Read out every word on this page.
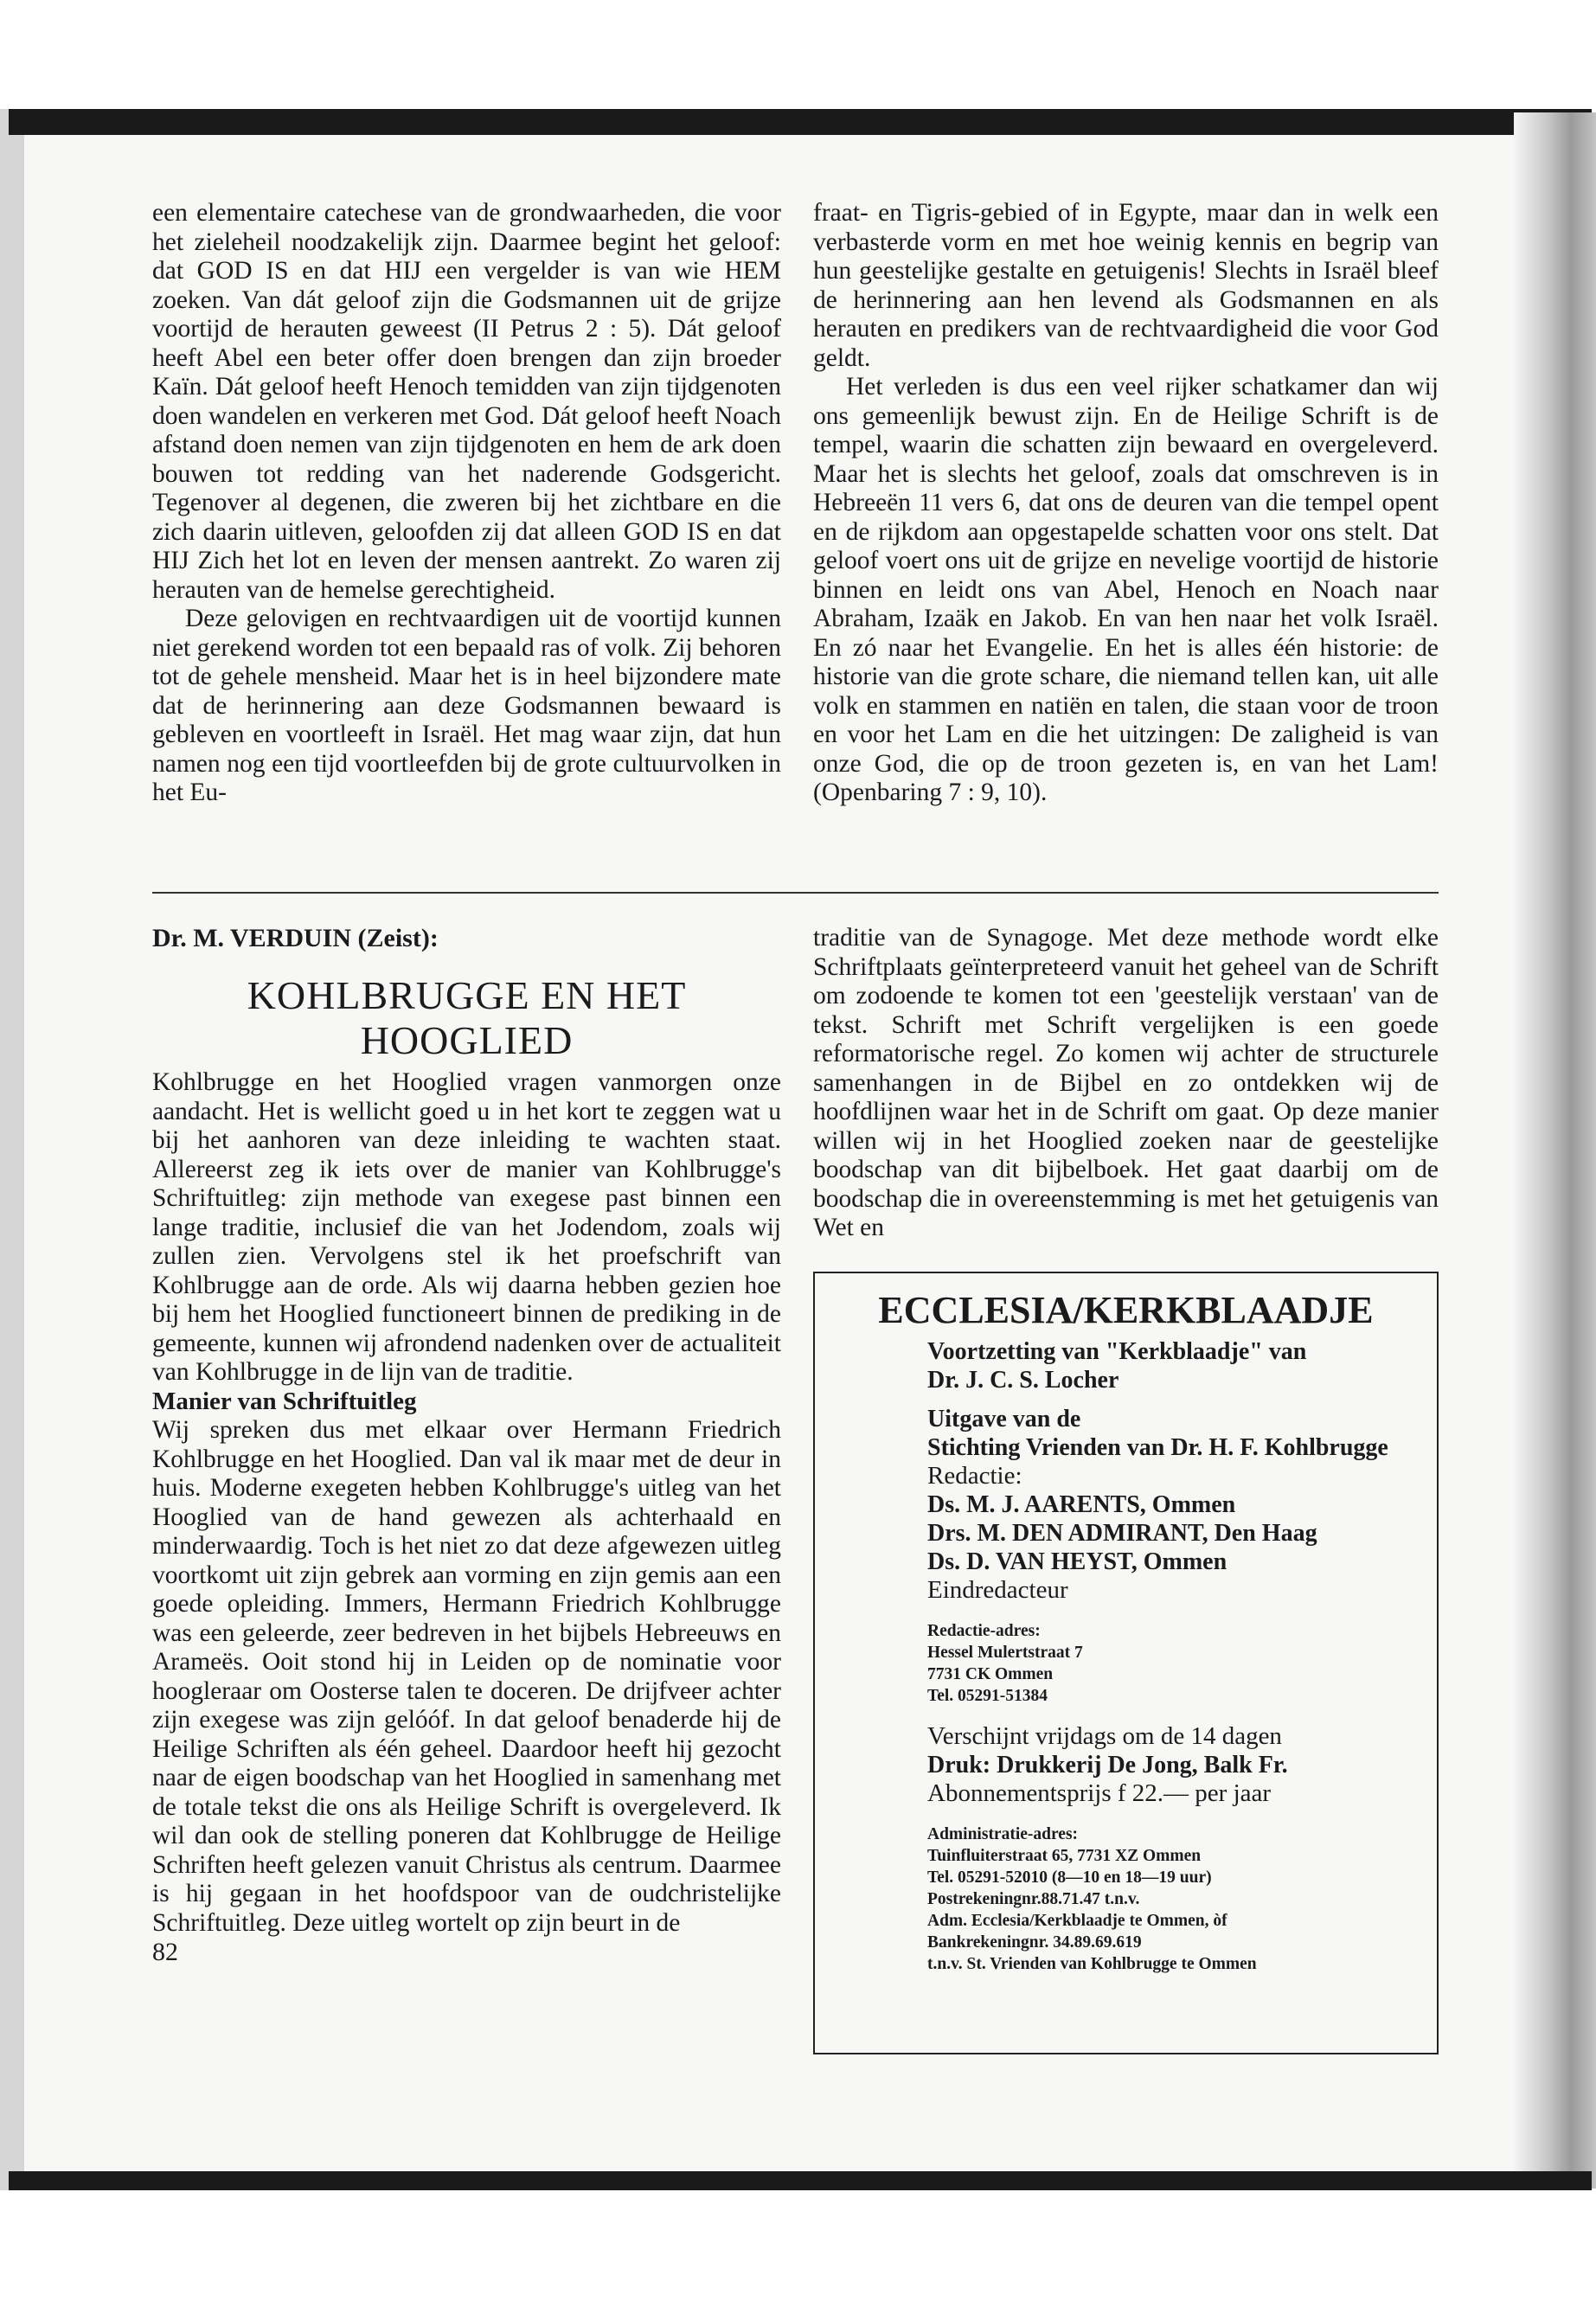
een elementaire catechese van de grondwaarheden, die voor het zieleheil noodzakelijk zijn. Daarmee begint het geloof: dat GOD IS en dat HIJ een vergelder is van wie HEM zoeken. Van dát geloof zijn die Godsmannen uit de grijze voortijd de herauten geweest (II Petrus 2 : 5). Dát geloof heeft Abel een beter offer doen brengen dan zijn broeder Kaïn. Dát geloof heeft Henoch temidden van zijn tijdgenoten doen wandelen en verkeren met God. Dát geloof heeft Noach afstand doen nemen van zijn tijdgenoten en hem de ark doen bouwen tot redding van het naderende Godsgericht. Tegenover al degenen, die zweren bij het zichtbare en die zich daarin uitleven, geloofden zij dat alleen GOD IS en dat HIJ Zich het lot en leven der mensen aantrekt. Zo waren zij herauten van de hemelse gerechtigheid.

Deze gelovigen en rechtvaardigen uit de voortijd kunnen niet gerekend worden tot een bepaald ras of volk. Zij behoren tot de gehele mensheid. Maar het is in heel bijzondere mate dat de herinnering aan deze Godsmannen bewaard is gebleven en voortleeft in Israël. Het mag waar zijn, dat hun namen nog een tijd voortleefden bij de grote cultuurvolken in het Eu-

fraat- en Tigris-gebied of in Egypte, maar dan in welk een verbasterde vorm en met hoe weinig kennis en begrip van hun geestelijke gestalte en getuigenis! Slechts in Israël bleef de herinnering aan hen levend als Godsmannen en als herauten en predikers van de rechtvaardigheid die voor God geldt.

Het verleden is dus een veel rijker schatkamer dan wij ons gemeenlijk bewust zijn. En de Heilige Schrift is de tempel, waarin die schatten zijn bewaard en overgeleverd. Maar het is slechts het geloof, zoals dat omschreven is in Hebreeën 11 vers 6, dat ons de deuren van die tempel opent en de rijkdom aan opgestapelde schatten voor ons stelt. Dat geloof voert ons uit de grijze en nevelige voortijd de historie binnen en leidt ons van Abel, Henoch en Noach naar Abraham, Izaäk en Jakob. En van hen naar het volk Israël. En zó naar het Evangelie. En het is alles één historie: de historie van die grote schare, die niemand tellen kan, uit alle volk en stammen en natiën en talen, die staan voor de troon en voor het Lam en die het uitzingen: De zaligheid is van onze God, die op de troon gezeten is, en van het Lam! (Openbaring 7 : 9, 10).

Dr. M. VERDUIN (Zeist):

KOHLBRUGGE EN HET HOOGLIED

Kohlbrugge en het Hooglied vragen vanmorgen onze aandacht. Het is wellicht goed u in het kort te zeggen wat u bij het aanhoren van deze inleiding te wachten staat. Allereerst zeg ik iets over de manier van Kohlbrugge's Schriftuitleg: zijn methode van exegese past binnen een lange traditie, inclusief die van het Jodendom, zoals wij zullen zien. Vervolgens stel ik het proefschrift van Kohlbrugge aan de orde. Als wij daarna hebben gezien hoe bij hem het Hooglied functioneert binnen de prediking in de gemeente, kunnen wij afrondend nadenken over de actualiteit van Kohlbrugge in de lijn van de traditie.

Manier van Schriftuitleg

Wij spreken dus met elkaar over Hermann Friedrich Kohlbrugge en het Hooglied. Dan val ik maar met de deur in huis. Moderne exegeten hebben Kohlbrugge's uitleg van het Hooglied van de hand gewezen als achterhaald en minderwaardig. Toch is het niet zo dat deze afgewezen uitleg voortkomt uit zijn gebrek aan vorming en zijn gemis aan een goede opleiding. Immers, Hermann Friedrich Kohlbrugge was een geleerde, zeer bedreven in het bijbels Hebreeuws en Arameës. Ooit stond hij in Leiden op de nominatie voor hoogleraar om Oosterse talen te doceren. De drijfveer achter zijn exegese was zijn gelóóf. In dat geloof benaderde hij de Heilige Schriften als één geheel. Daardoor heeft hij gezocht naar de eigen boodschap van het Hooglied in samenhang met de totale tekst die ons als Heilige Schrift is overgeleverd. Ik wil dan ook de stelling poneren dat Kohlbrugge de Heilige Schriften heeft gelezen vanuit Christus als centrum. Daarmee is hij gegaan in het hoofdspoor van de oudchristelijke Schriftuitleg. Deze uitleg wortelt op zijn beurt in de

82

traditie van de Synagoge. Met deze methode wordt elke Schriftplaats geïnterpreteerd vanuit het geheel van de Schrift om zodoende te komen tot een 'geestelijk verstaan' van de tekst. Schrift met Schrift vergelijken is een goede reformatorische regel. Zo komen wij achter de structurele samenhangen in de Bijbel en zo ontdekken wij de hoofdlijnen waar het in de Schrift om gaat. Op deze manier willen wij in het Hooglied zoeken naar de geestelijke boodschap van dit bijbelboek. Het gaat daarbij om de boodschap die in overeenstemming is met het getuigenis van Wet en

ECCLESIA/KERKBLAADJE

Voortzetting van "Kerkblaadje" van

Dr. J. C. S. Locher

Uitgave van de

Stichting Vrienden van Dr. H. F. Kohlbrugge

Redactie:

Ds. M. J. AARENTS, Ommen

Drs. M. DEN ADMIRANT, Den Haag

Ds. D. VAN HEYST, Ommen

Eindredacteur

Redactie-adres:

Hessel Mulertstraat 7

7731 CK Ommen

Tel. 05291-51384

Verschijnt vrijdags om de 14 dagen

Druk: Drukkerij De Jong, Balk Fr.

Abonnementsprijs f 22.— per jaar

Administratie-adres:

Tuinfluiterstraat 65, 7731 XZ Ommen

Tel. 05291-52010 (8—10 en 18—19 uur)

Postrekeningnr.88.71.47 t.n.v.

Adm. Ecclesia/Kerkblaadje te Ommen, òf

Bankrekeningnr. 34.89.69.619

t.n.v. St. Vrienden van Kohlbrugge te Ommen
